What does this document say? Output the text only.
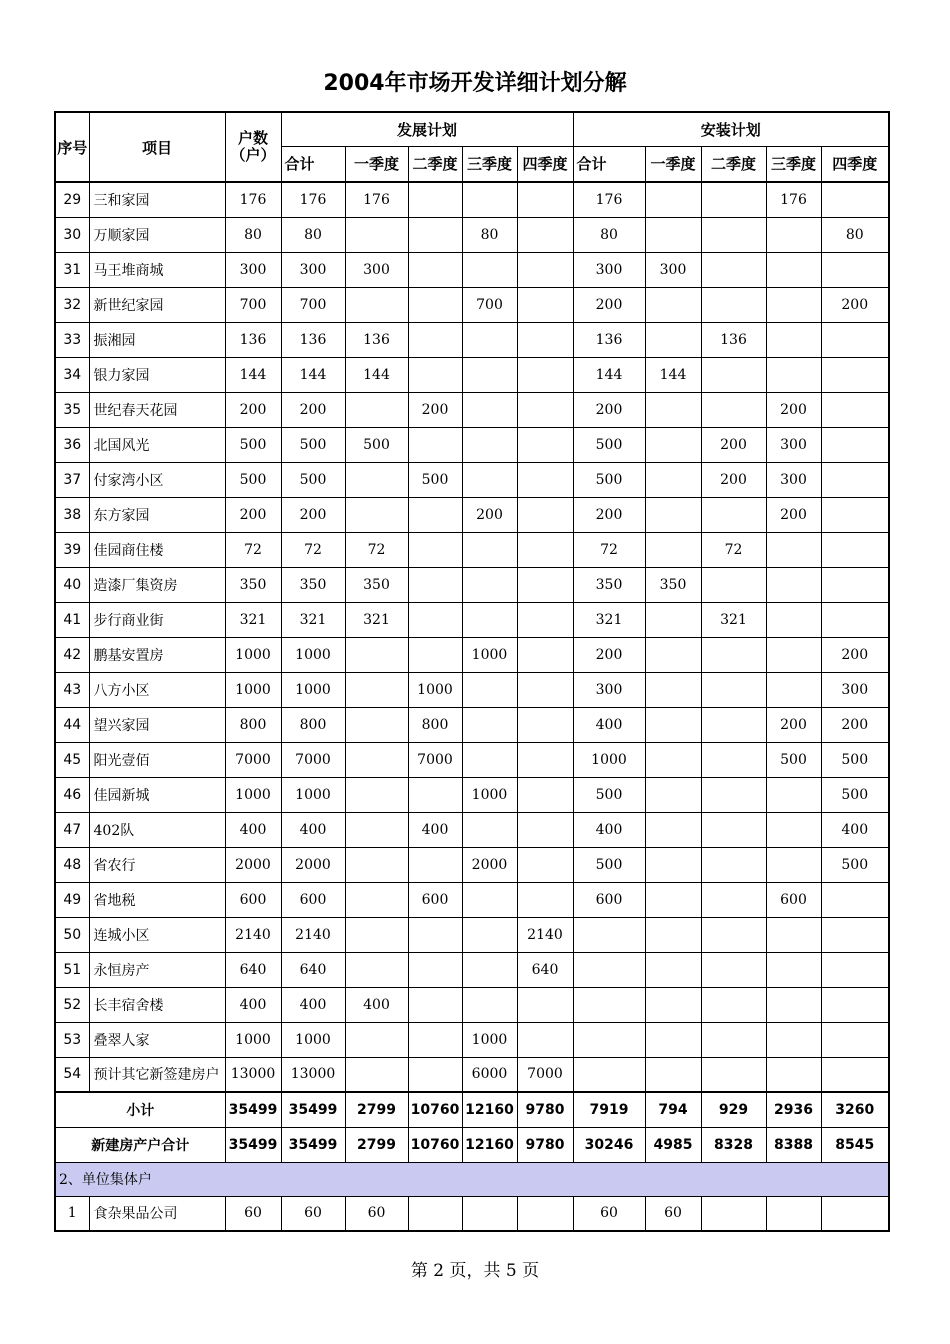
2004年市场开发详细计划分解
序号	项目	户数（户）	发展计划					安装计划				
			合计	一季度	二季度	三季度	四季度	合计	一季度	二季度	三季度	四季度
29	三和家园	176	176	176				176			176	
30	万顺家园	80	80			80		80				80
31	马王堆商城	300	300	300				300	300			
32	新世纪家园	700	700			700		200				200
33	振湘园	136	136	136				136		136		
34	银力家园	144	144	144				144	144			
35	世纪春天花园	200	200		200			200			200	
36	北国风光	500	500	500				500		200	300	
37	付家湾小区	500	500		500			500		200	300	
38	东方家园	200	200			200		200			200	
39	佳园商住楼	72	72	72				72		72		
40	造漆厂集资房	350	350	350				350	350			
41	步行商业街	321	321	321				321		321		
42	鹏基安置房	1000	1000			1000		200				200
43	八方小区	1000	1000		1000			300				300
44	望兴家园	800	800		800			400			200	200
45	阳光壹佰	7000	7000		7000			1000			500	500
46	佳园新城	1000	1000			1000		500				500
47	402队	400	400		400			400				400
48	省农行	2000	2000			2000		500				500
49	省地税	600	600		600			600			600	
50	连城小区	2140	2140				2140					
51	永恒房产	640	640				640					
52	长丰宿舍楼	400	400	400								
53	叠翠人家	1000	1000			1000						
54	预计其它新签建房户	13000	13000			6000	7000					
小计		35499	35499	2799	10760	12160	9780	7919	794	929	2936	3260
新建房产户合计		35499	35499	2799	10760	12160	9780	30246	4985	8328	8388	8545
2、单位集体户												
1	食杂果品公司	60	60	60				60	60			
第 2 页，共 5 页
